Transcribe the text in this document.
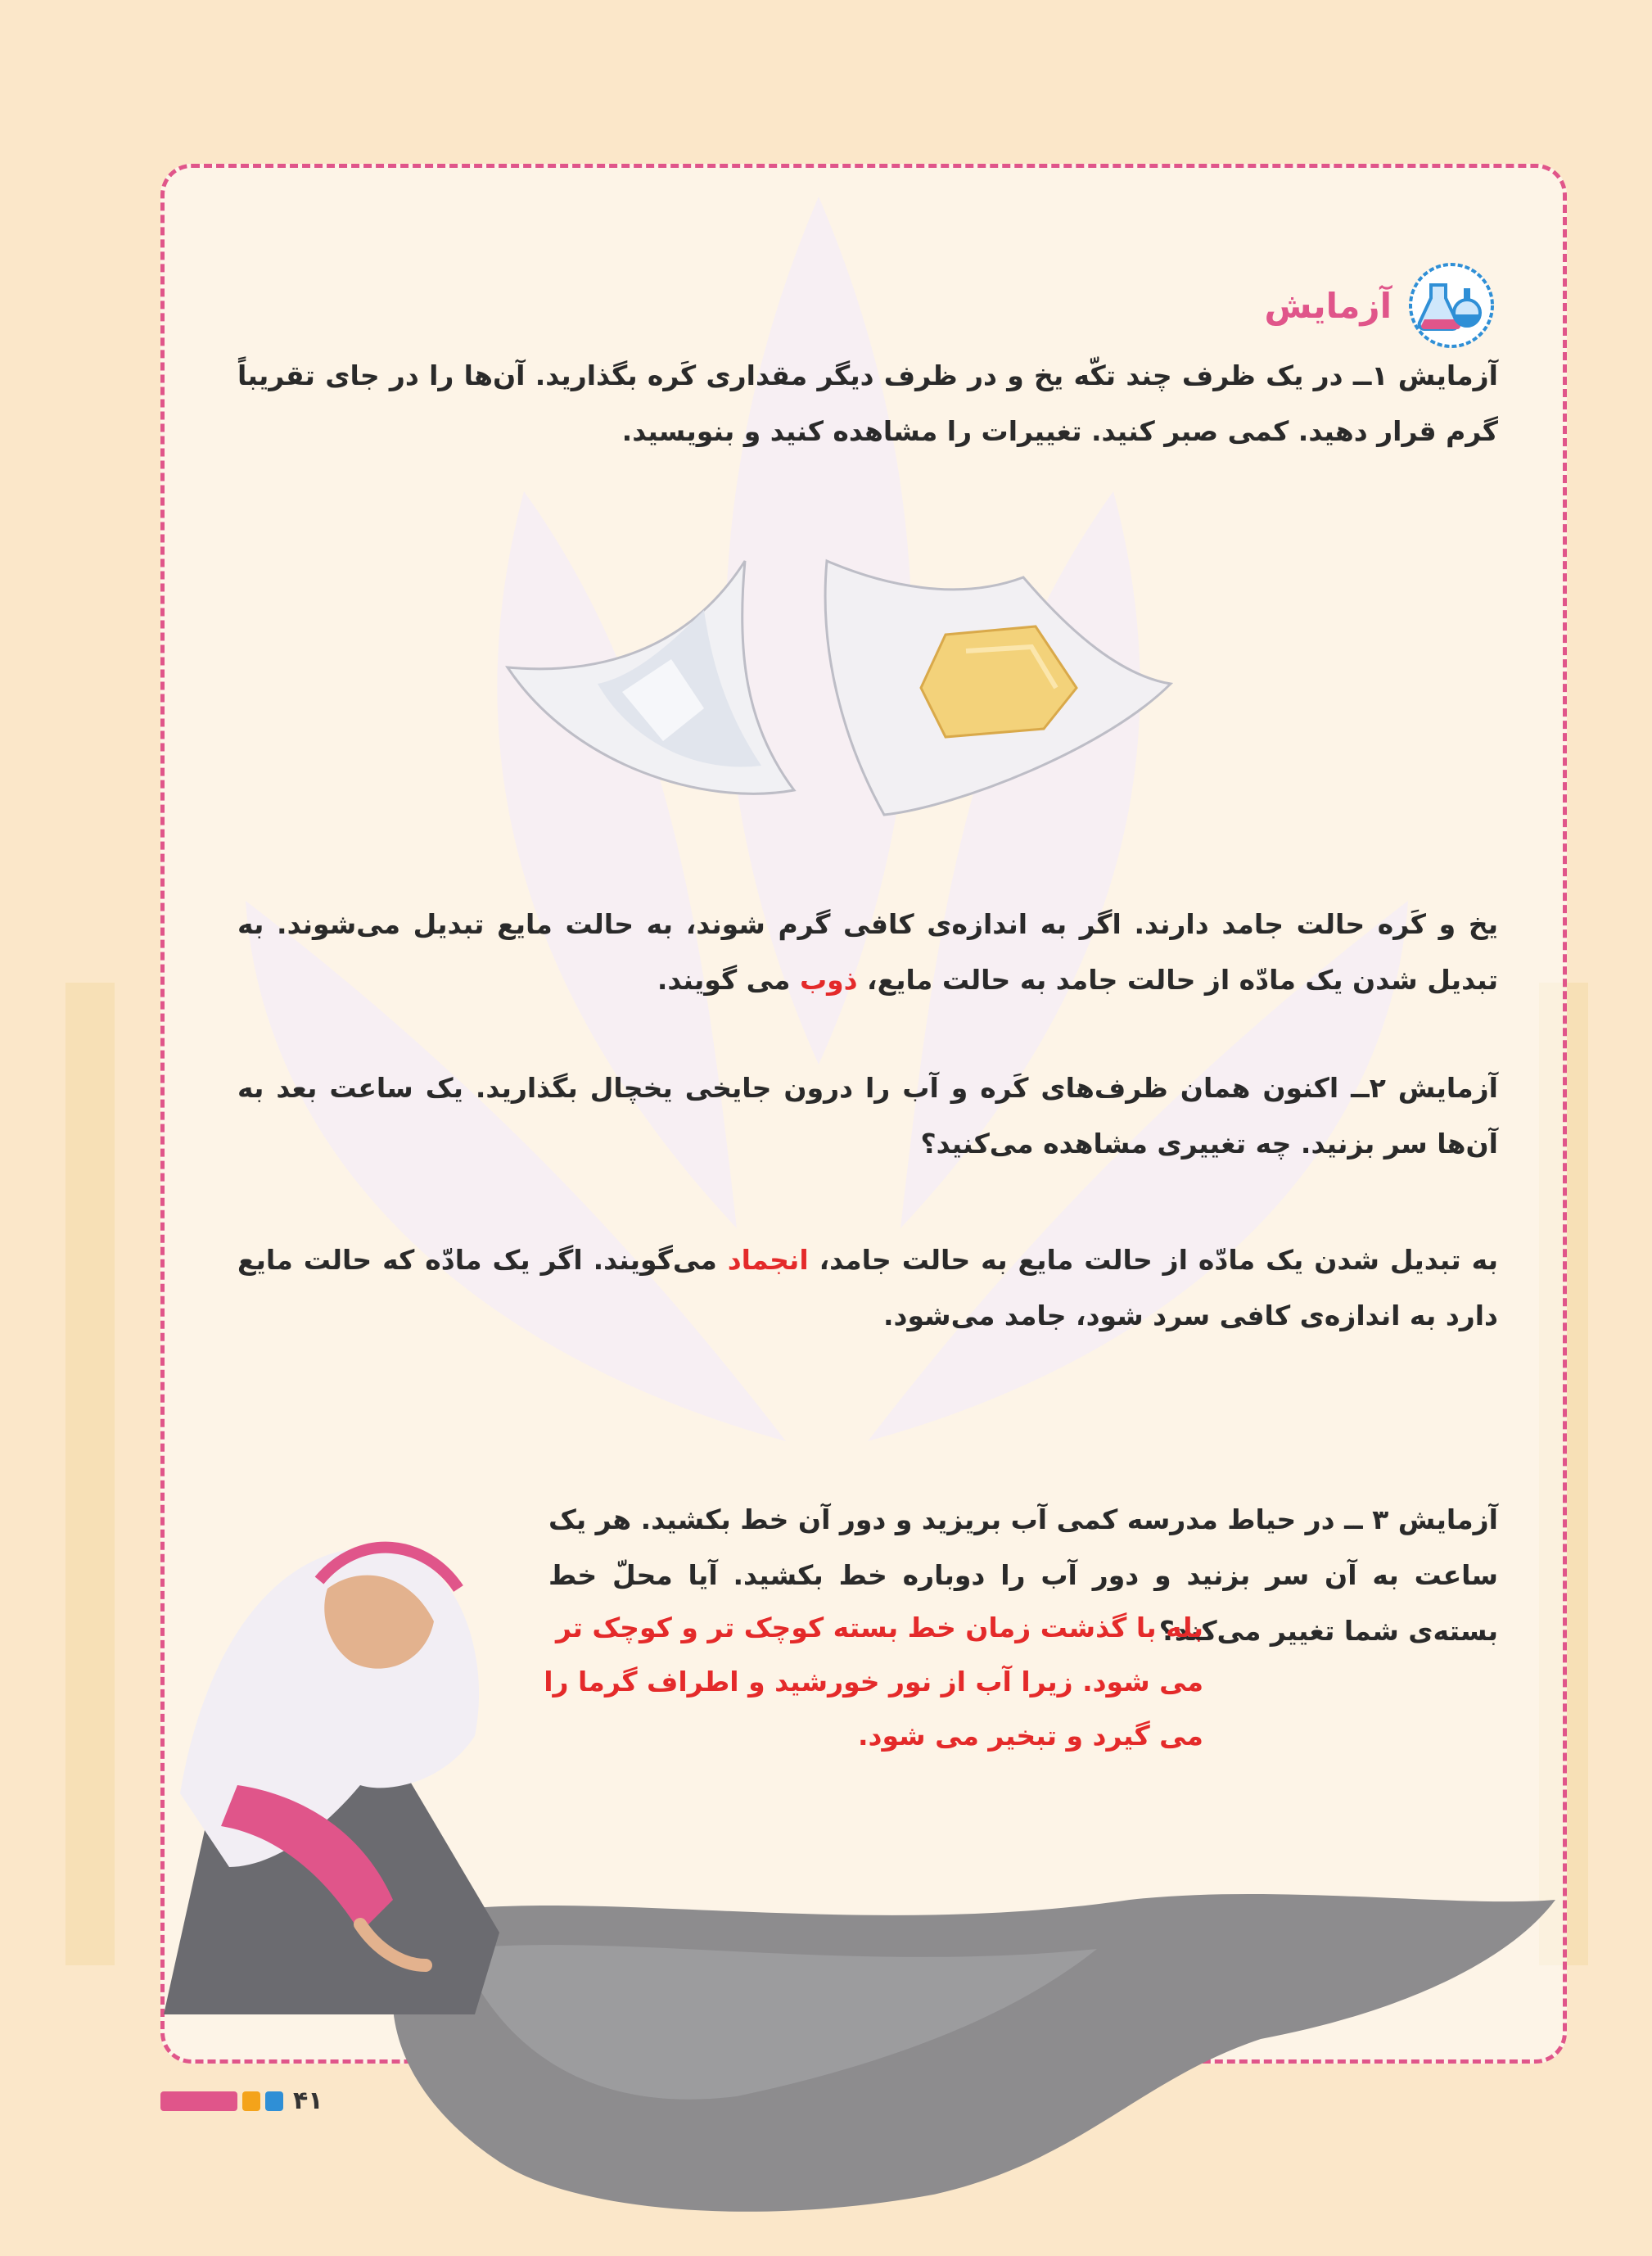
آزمایش
آزمایش ۱ــ در یک ظرف چند تکّه یخ و در ظرف دیگر مقداری کَره بگذارید. آن‌ها را در جای تقریباً گرم قرار دهید. کمی صبر کنید. تغییرات را مشاهده کنید و بنویسید.
یخ و کَره حالت جامد دارند. اگر به اندازه‌ی کافی گرم شوند، به حالت مایع تبدیل می‌شوند. به تبدیل شدن یک مادّه از حالت جامد به حالت مایع، ذوب می گویند.
آزمایش ۲ــ اکنون همان ظرف‌های کَره و آب را درون جایخی یخچال بگذارید. یک ساعت بعد به آن‌ها سر بزنید. چه تغییری مشاهده می‌کنید؟
به تبدیل شدن یک مادّه از حالت مایع به حالت جامد، انجماد می‌گویند. اگر یک مادّه که حالت مایع دارد به اندازه‌ی کافی سرد شود، جامد می‌شود.
آزمایش ۳ ــ در حیاط مدرسه کمی آب بریزید و دور آن خط بکشید. هر یک ساعت به آن سر بزنید و دور آب را دوباره خط بکشید. آیا محلّ خط بسته‌ی شما تغییر می‌کند؟
بله با گذشت زمان خط بسته کوچک تر و کوچک تر می شود. زیرا آب از نور خورشید و اطراف گرما را می گیرد و تبخیر می شود.
۴۱
